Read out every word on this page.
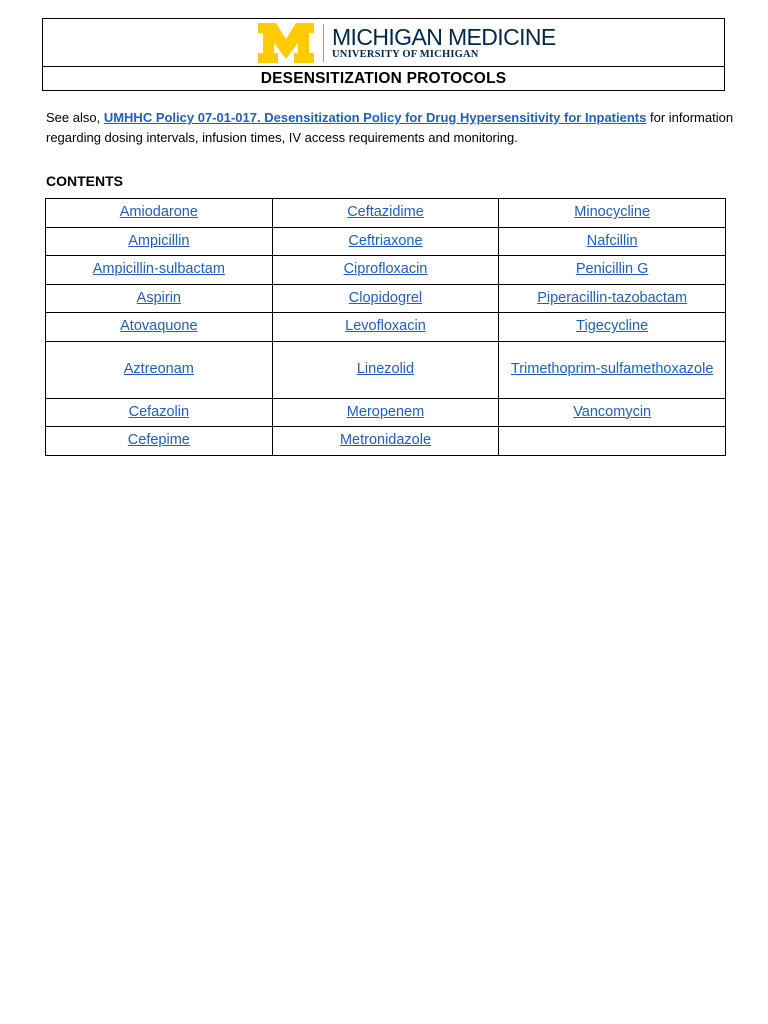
MICHIGAN MEDICINE
UNIVERSITY OF MICHIGAN
DESENSITIZATION PROTOCOLS
See also, UMHHC Policy 07-01-017. Desensitization Policy for Drug Hypersensitivity for Inpatients for information regarding dosing intervals, infusion times, IV access requirements and monitoring.
CONTENTS
Amiodarone	Ceftazidime	Minocycline
Ampicillin	Ceftriaxone	Nafcillin
Ampicillin-sulbactam	Ciprofloxacin	Penicillin G
Aspirin	Clopidogrel	Piperacillin-tazobactam
Atovaquone	Levofloxacin	Tigecycline
Aztreonam	Linezolid	Trimethoprim-sulfamethoxazole
Cefazolin	Meropenem	Vancomycin
Cefepime	Metronidazole	
